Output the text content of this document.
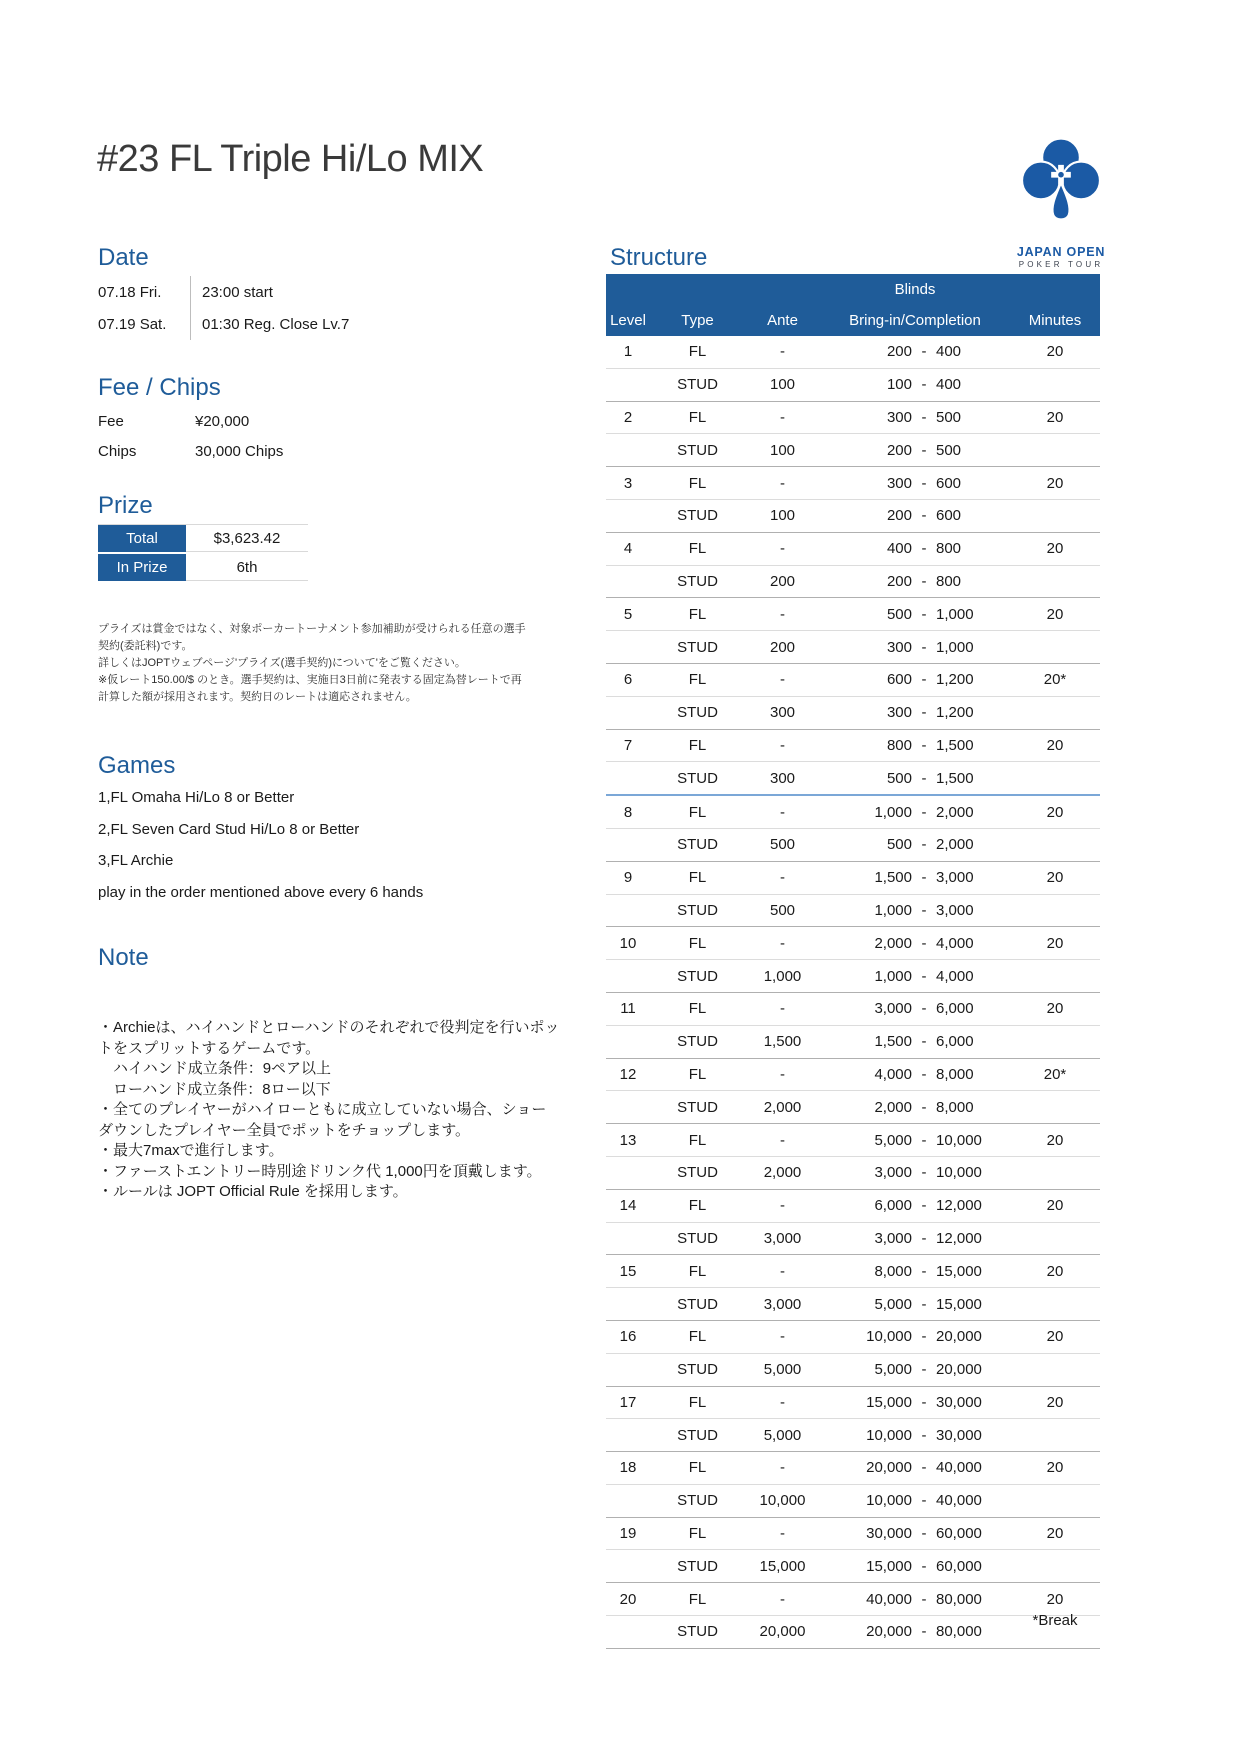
#23 FL Triple Hi/Lo MIX
JAPAN OPEN
POKER TOUR
Date
07.18 Fri.	23:00 start
07.19 Sat.	01:30 Reg. Close Lv.7
Fee / Chips
Fee	¥20,000
Chips	30,000 Chips
Prize
Total	$3,623.42
In Prize	6th
プライズは賞金ではなく、対象ポーカートーナメント参加補助が受けられる任意の選手契約(委託料)です。
詳しくはJOPTウェブページ'プライズ(選手契約)について'をご覧ください。
※仮レート150.00/$ のとき。選手契約は、実施日3日前に発表する固定為替レートで再計算した額が採用されます。契約日のレートは適応されません。
Games
1,FL Omaha Hi/Lo 8 or Better
2,FL Seven Card Stud Hi/Lo 8 or Better
3,FL Archie
play in the order mentioned above every 6 hands
Note
・Archieは、ハイハンドとローハンドのそれぞれで役判定を行いポットをスプリットするゲームです。
　ハイハンド成立条件：9ペア以上
　ローハンド成立条件：8ロー以下
・全てのプレイヤーがハイローともに成立していない場合、ショーダウンしたプレイヤー全員でポットをチョップします。
・最大7maxで進行します。
・ファーストエントリー時別途ドリンク代 1,000円を頂戴します。
・ルールは JOPT Official Rule を採用します。
Structure
			Blinds	
Level	Type	Ante	Bring-in/Completion	Minutes
1	FL	-	200 - 400	20
	STUD	100	100 - 400	
2	FL	-	300 - 500	20
	STUD	100	200 - 500	
3	FL	-	300 - 600	20
	STUD	100	200 - 600	
4	FL	-	400 - 800	20
	STUD	200	200 - 800	
5	FL	-	500 - 1,000	20
	STUD	200	300 - 1,000	
6	FL	-	600 - 1,200	20*
	STUD	300	300 - 1,200	
7	FL	-	800 - 1,500	20
	STUD	300	500 - 1,500	
8	FL	-	1,000 - 2,000	20
	STUD	500	500 - 2,000	
9	FL	-	1,500 - 3,000	20
	STUD	500	1,000 - 3,000	
10	FL	-	2,000 - 4,000	20
	STUD	1,000	1,000 - 4,000	
11	FL	-	3,000 - 6,000	20
	STUD	1,500	1,500 - 6,000	
12	FL	-	4,000 - 8,000	20*
	STUD	2,000	2,000 - 8,000	
13	FL	-	5,000 - 10,000	20
	STUD	2,000	3,000 - 10,000	
14	FL	-	6,000 - 12,000	20
	STUD	3,000	3,000 - 12,000	
15	FL	-	8,000 - 15,000	20
	STUD	3,000	5,000 - 15,000	
16	FL	-	10,000 - 20,000	20
	STUD	5,000	5,000 - 20,000	
17	FL	-	15,000 - 30,000	20
	STUD	5,000	10,000 - 30,000	
18	FL	-	20,000 - 40,000	20
	STUD	10,000	10,000 - 40,000	
19	FL	-	30,000 - 60,000	20
	STUD	15,000	15,000 - 60,000	
20	FL	-	40,000 - 80,000	20
	STUD	20,000	20,000 - 80,000	
*Break
